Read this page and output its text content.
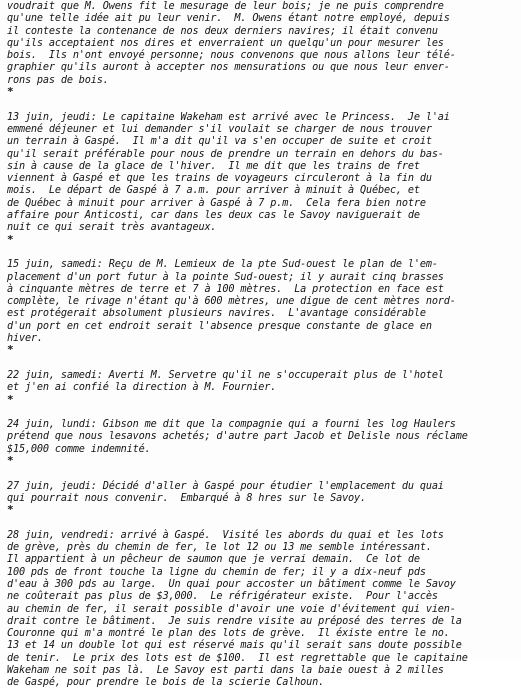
voudrait que M. Owens fit le mesurage de leur bois; je ne puis comprendre
qu'une telle idée ait pu leur venir.  M. Owens étant notre employé, depuis
il conteste la contenance de nos deux derniers navires; il était convenu
qu'ils acceptaient nos dires et enverraient un quelqu'un pour mesurer les
bois.  Ils n'ont envoyé personne; nous convenons que nous allons leur télé-
graphier qu'ils auront à accepter nos mensurations ou que nous leur enver-
rons pas de bois.
*
13 juin, jeudi: Le capitaine Wakeham est arrivé avec le Princess.  Je l'ai
emmené déjeuner et lui demander s'il voulait se charger de nous trouver
un terrain à Gaspé.  Il m'a dit qu'il va s'en occuper de suite et croit
qu'il serait préférable pour nous de prendre un terrain en dehors du bas-
sin à cause de la glace de l'hiver.  Il me dit que les trains de fret
viennent à Gaspé et que les trains de voyageurs circuleront à la fin du
mois.  Le départ de Gaspé à 7 a.m. pour arriver à minuit à Québec, et
de Québec à minuit pour arriver à Gaspé à 7 p.m.  Cela fera bien notre
affaire pour Anticosti, car dans les deux cas le Savoy naviguerait de
nuit ce qui serait très avantageux.
*
15 juin, samedi: Reçu de M. Lemieux de la pte Sud-ouest le plan de l'em-
placement d'un port futur à la pointe Sud-ouest; il y aurait cinq brasses
à cinquante mètres de terre et 7 à 100 mètres.  La protection en face est
complète, le rivage n'étant qu'à 600 mètres, une digue de cent mètres nord-
est protégerait absolument plusieurs navires.  L'avantage considérable
d'un port en cet endroit serait l'absence presque constante de glace en
hiver.
*
22 juin, samedi: Averti M. Servetre qu'il ne s'occuperait plus de l'hotel
et j'en ai confié la direction à M. Fournier.
*
24 juin, lundi: Gibson me dit que la compagnie qui a fourni les log Haulers
prétend que nous lesavons achetés; d'autre part Jacob et Delisle nous réclame
$15,000 comme indemnité.
*
27 juin, jeudi: Décidé d'aller à Gaspé pour étudier l'emplacement du quai
qui pourrait nous convenir.  Embarqué à 8 hres sur le Savoy.
*
28 juin, vendredi: arrivé à Gaspé.  Visité les abords du quai et les lots
de grève, près du chemin de fer, le lot 12 ou 13 me semble intéressant.
Il appartient à un pêcheur de saumon que je verrai demain.  Ce lot de
100 pds de front touche la ligne du chemin de fer; il y a dix-neuf pds
d'eau à 300 pds au large.  Un quai pour accoster un bâtiment comme le Savoy
ne coûterait pas plus de $3,000.  Le réfrigérateur existe.  Pour l'accès
au chemin de fer, il serait possible d'avoir une voie d'évitement qui vien-
drait contre le bâtiment.  Je suis rendre visite au préposé des terres de la
Couronne qui m'a montré le plan des lots de grève.  Il éxiste entre le no.
13 et 14 un double lot qui est réservé mais qu'il serait sans doute possible
de tenir.  Le prix des lots est de $100.  Il est regrettable que le capitaine
Wakeham ne soit pas là.  Le Savoy est parti dans la baie ouest à 2 milles
de Gaspé, pour prendre le bois de la scierie Calhoun.
